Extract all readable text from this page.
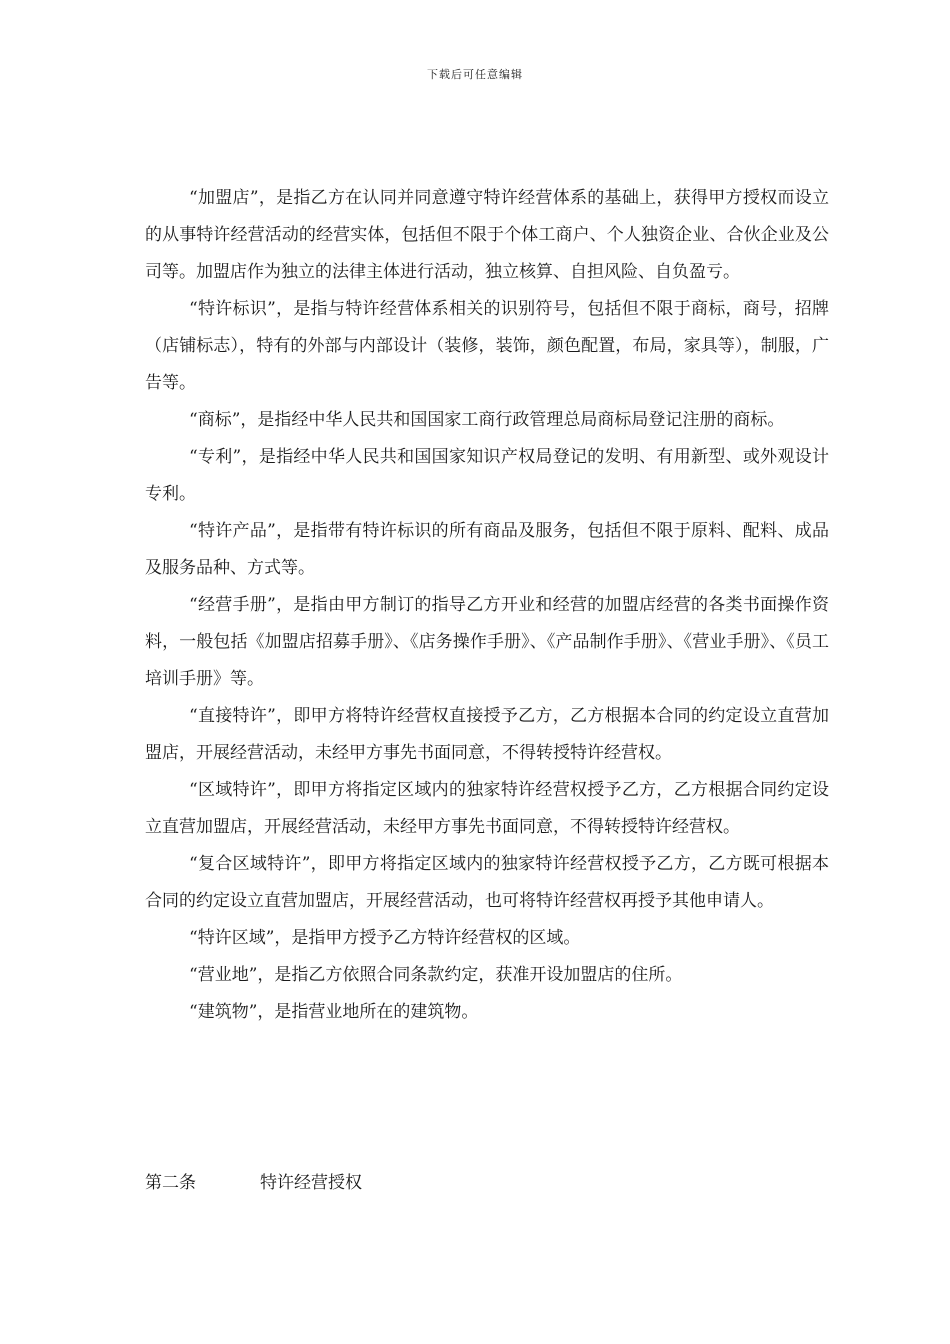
下载后可任意编辑

“加盟店”，是指乙方在认同并同意遵守特许经营体系的基础上，获得甲方授权而设立的从事特许经营活动的经营实体，包括但不限于个体工商户、个人独资企业、合伙企业及公司等。加盟店作为独立的法律主体进行活动，独立核算、自担风险、自负盈亏。

“特许标识”，是指与特许经营体系相关的识别符号，包括但不限于商标，商号，招牌（店铺标志），特有的外部与内部设计（装修，装饰，颜色配置，布局，家具等），制服，广告等。

“商标”，是指经中华人民共和国国家工商行政管理总局商标局登记注册的商标。

“专利”，是指经中华人民共和国国家知识产权局登记的发明、有用新型、或外观设计专利。

“特许产品”，是指带有特许标识的所有商品及服务，包括但不限于原料、配料、成品及服务品种、方式等。

“经营手册”，是指由甲方制订的指导乙方开业和经营的加盟店经营的各类书面操作资料，一般包括《加盟店招募手册》、《店务操作手册》、《产品制作手册》、《营业手册》、《员工培训手册》等。

“直接特许”，即甲方将特许经营权直接授予乙方，乙方根据本合同的约定设立直营加盟店，开展经营活动，未经甲方事先书面同意，不得转授特许经营权。

“区域特许”，即甲方将指定区域内的独家特许经营权授予乙方，乙方根据合同约定设立直营加盟店，开展经营活动，未经甲方事先书面同意，不得转授特许经营权。

“复合区域特许”，即甲方将指定区域内的独家特许经营权授予乙方，乙方既可根据本合同的约定设立直营加盟店，开展经营活动，也可将特许经营权再授予其他申请人。

“特许区域”，是指甲方授予乙方特许经营权的区域。

“营业地”，是指乙方依照合同条款约定，获准开设加盟店的住所。

“建筑物”，是指营业地所在的建筑物。

第二条	特许经营授权
